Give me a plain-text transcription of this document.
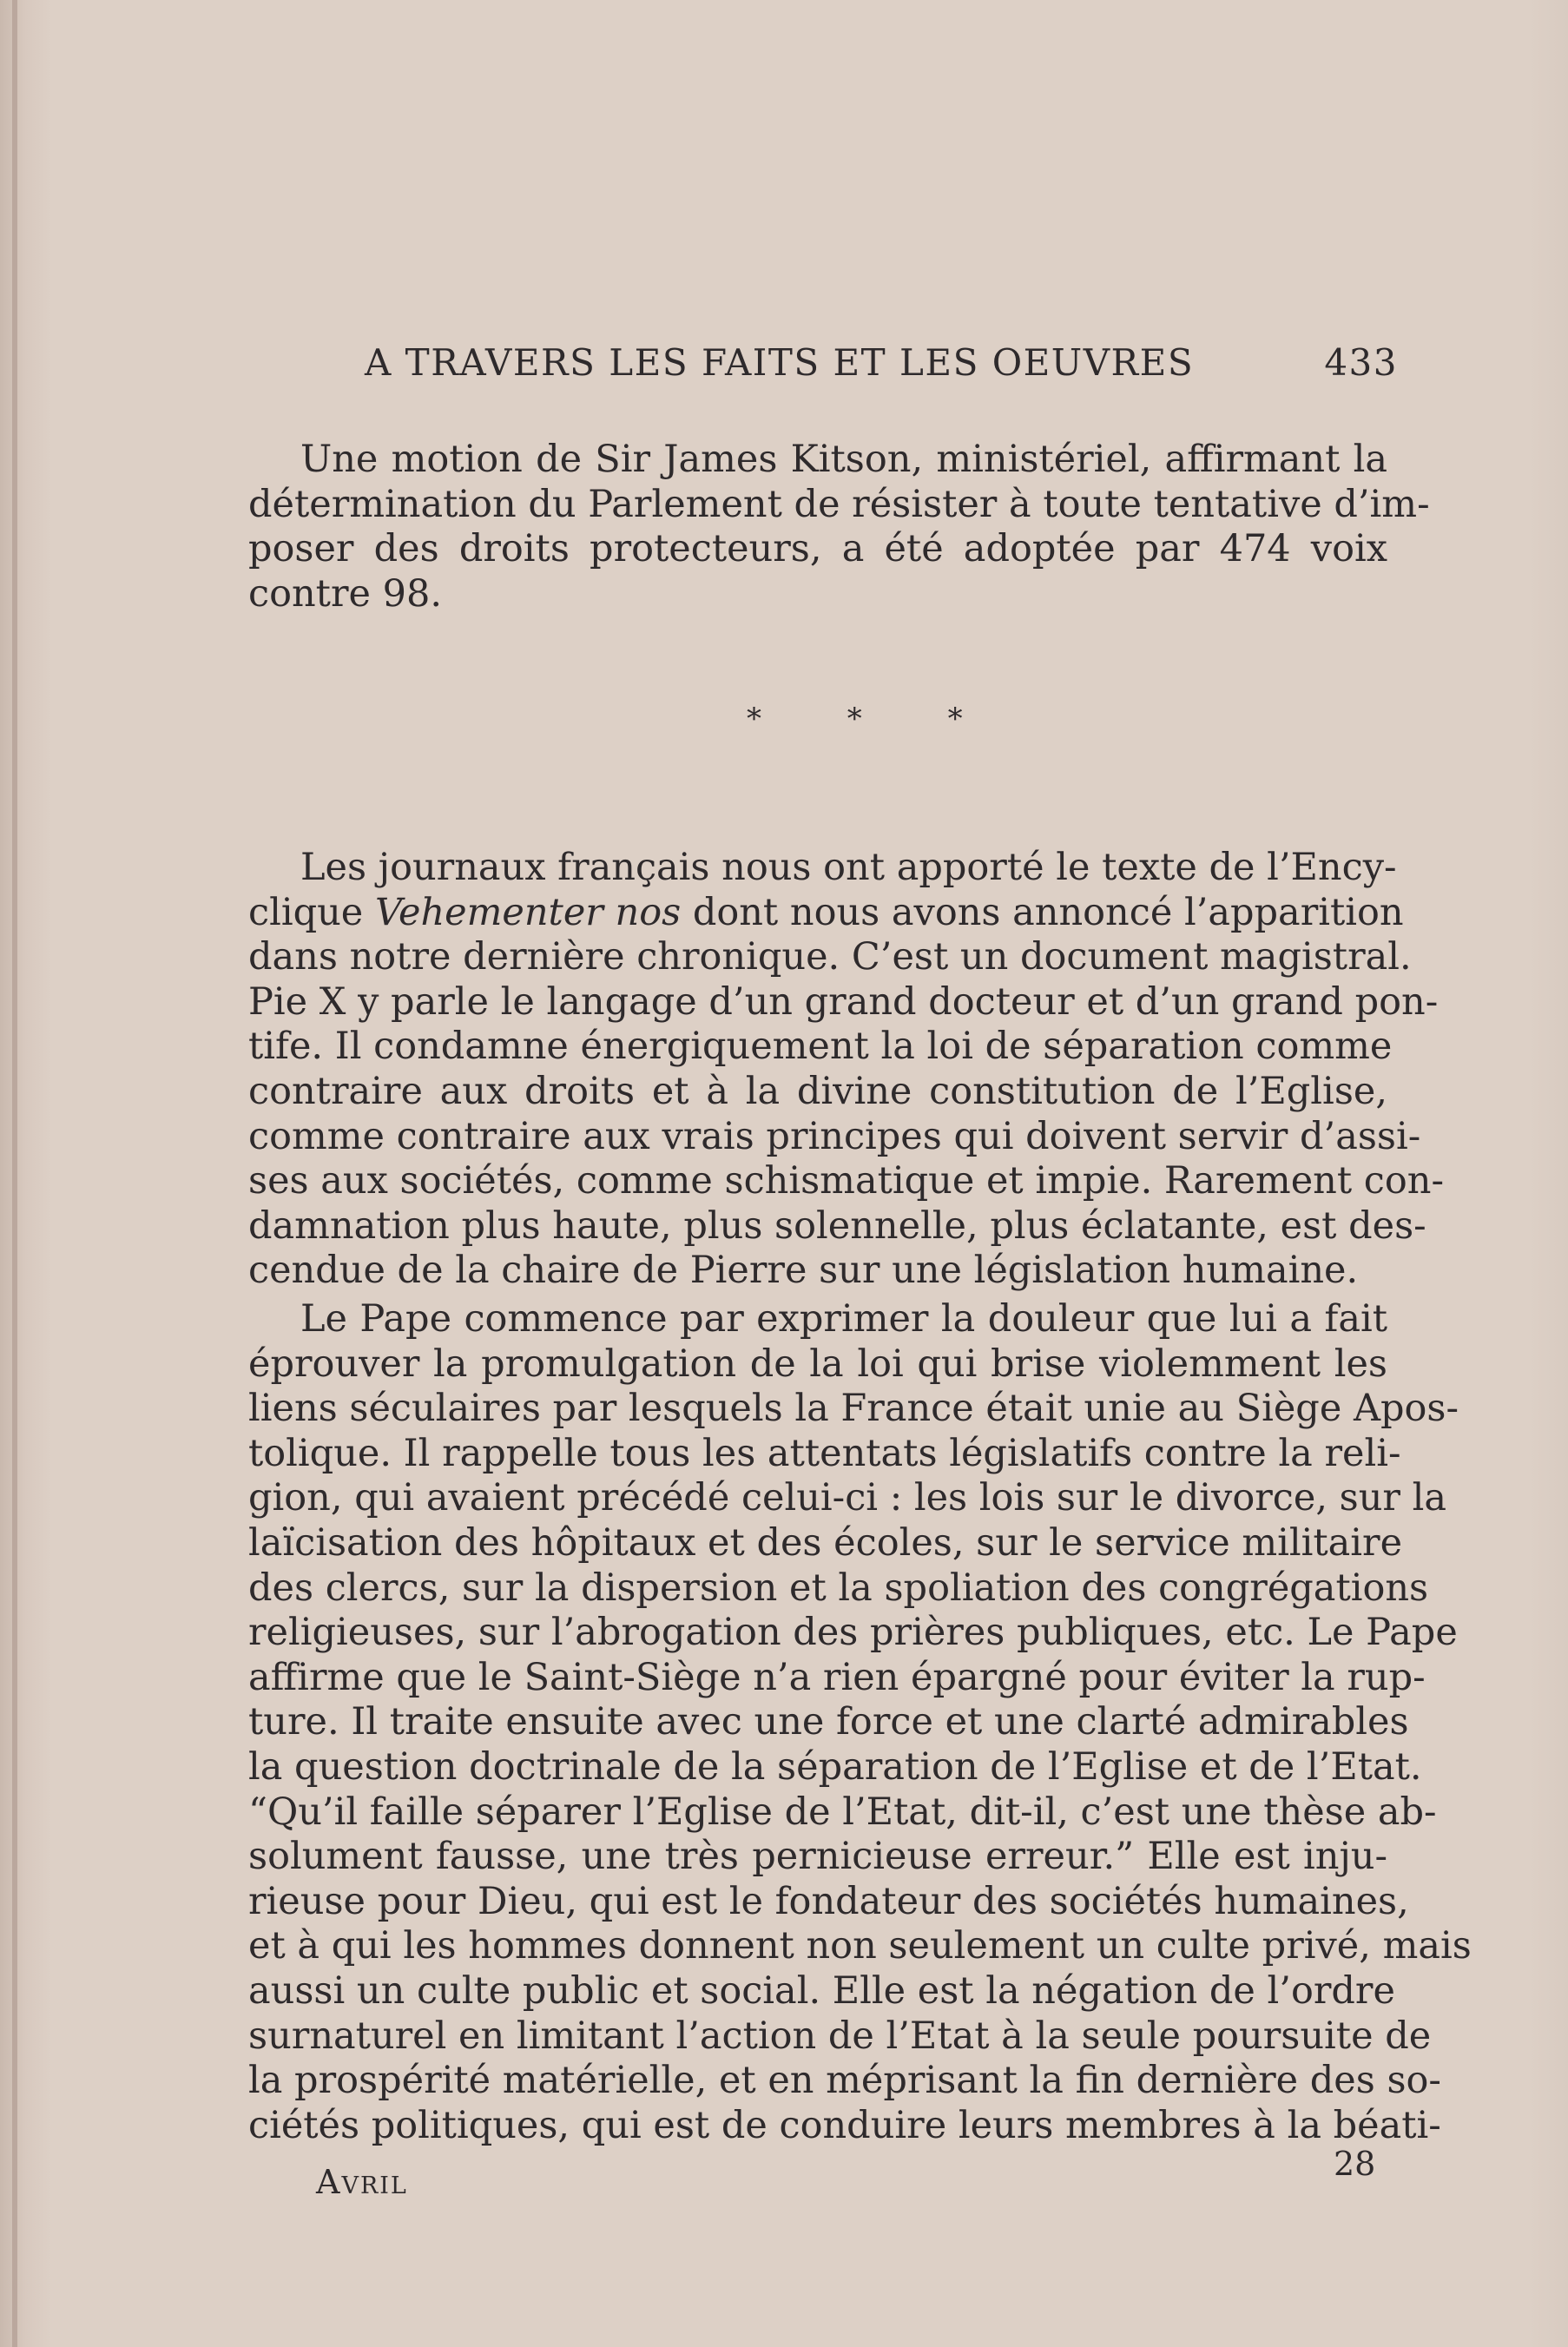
A TRAVERS LES FAITS ET LES OEUVRES	433
Une motion de Sir James Kitson, ministériel, affirmant la
détermination du Parlement de résister à toute tentative d’im-
poser des droits protecteurs, a été adoptée par 474 voix
contre 98.
* * *
Les journaux français nous ont apporté le texte de l’Ency-
clique Vehementer nos dont nous avons annoncé l’apparition
dans notre dernière chronique. C’est un document magistral.
Pie X y parle le langage d’un grand docteur et d’un grand pon-
tife. Il condamne énergiquement la loi de séparation comme
contraire aux droits et à la divine constitution de l’Eglise,
comme contraire aux vrais principes qui doivent servir d’assi-
ses aux sociétés, comme schismatique et impie. Rarement con-
damnation plus haute, plus solennelle, plus éclatante, est des-
cendue de la chaire de Pierre sur une législation humaine.
Le Pape commence par exprimer la douleur que lui a fait
éprouver la promulgation de la loi qui brise violemment les
liens séculaires par lesquels la France était unie au Siège Apos-
tolique. Il rappelle tous les attentats législatifs contre la reli-
gion, qui avaient précédé celui-ci : les lois sur le divorce, sur la
laïcisation des hôpitaux et des écoles, sur le service militaire
des clercs, sur la dispersion et la spoliation des congrégations
religieuses, sur l’abrogation des prières publiques, etc. Le Pape
affirme que le Saint-Siège n’a rien épargné pour éviter la rup-
ture. Il traite ensuite avec une force et une clarté admirables
la question doctrinale de la séparation de l’Eglise et de l’Etat.
“Qu’il faille séparer l’Eglise de l’Etat, dit-il, c’est une thèse ab-
solument fausse, une très pernicieuse erreur.” Elle est inju-
rieuse pour Dieu, qui est le fondateur des sociétés humaines,
et à qui les hommes donnent non seulement un culte privé, mais
aussi un culte public et social. Elle est la négation de l’ordre
surnaturel en limitant l’action de l’Etat à la seule poursuite de
la prospérité matérielle, et en méprisant la fin dernière des so-
ciétés politiques, qui est de conduire leurs membres à la béati-
Avril	28
